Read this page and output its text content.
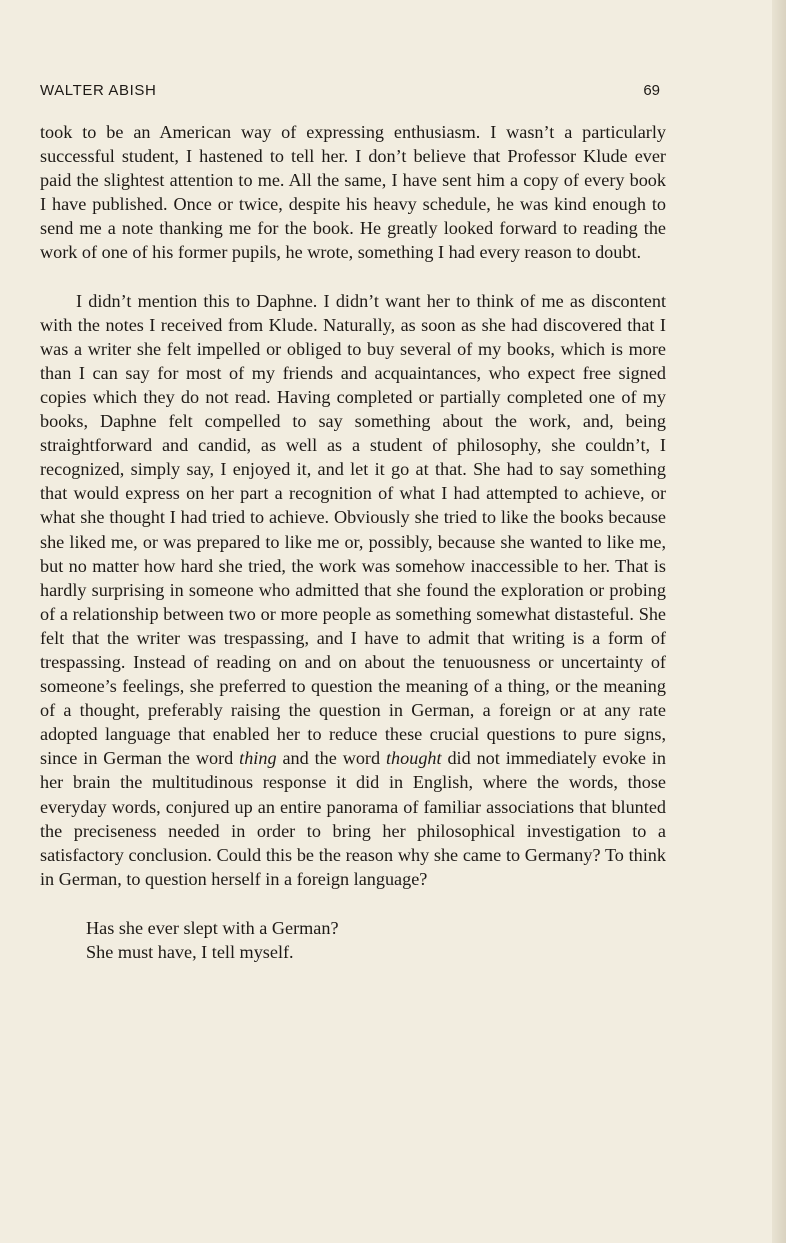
WALTER ABISH	69

took to be an American way of expressing enthusiasm. I wasn’t a particularly successful student, I hastened to tell her. I don’t believe that Professor Klude ever paid the slightest attention to me. All the same, I have sent him a copy of every book I have published. Once or twice, despite his heavy schedule, he was kind enough to send me a note thanking me for the book. He greatly looked forward to reading the work of one of his former pupils, he wrote, something I had every reason to doubt.

I didn’t mention this to Daphne. I didn’t want her to think of me as discontent with the notes I received from Klude. Naturally, as soon as she had discovered that I was a writer she felt impelled or obliged to buy several of my books, which is more than I can say for most of my friends and acquaintances, who expect free signed copies which they do not read. Having completed or partially completed one of my books, Daphne felt compelled to say something about the work, and, being straightforward and candid, as well as a student of philosophy, she couldn’t, I recognized, simply say, I enjoyed it, and let it go at that. She had to say something that would express on her part a recognition of what I had attempted to achieve, or what she thought I had tried to achieve. Obviously she tried to like the books because she liked me, or was prepared to like me or, possibly, because she wanted to like me, but no matter how hard she tried, the work was somehow inaccessible to her. That is hardly surprising in someone who admitted that she found the exploration or probing of a relationship between two or more people as something somewhat distasteful. She felt that the writer was trespassing, and I have to admit that writing is a form of trespassing. Instead of reading on and on about the tenuousness or uncertainty of someone’s feelings, she preferred to question the meaning of a thing, or the meaning of a thought, preferably raising the question in German, a foreign or at any rate adopted language that enabled her to reduce these crucial questions to pure signs, since in German the word thing and the word thought did not immediately evoke in her brain the multitudinous response it did in English, where the words, those everyday words, conjured up an entire panorama of familiar associations that blunted the preciseness needed in order to bring her philosophical investigation to a satisfactory conclusion. Could this be the reason why she came to Germany? To think in German, to question herself in a foreign language?

Has she ever slept with a German?

She must have, I tell myself.
